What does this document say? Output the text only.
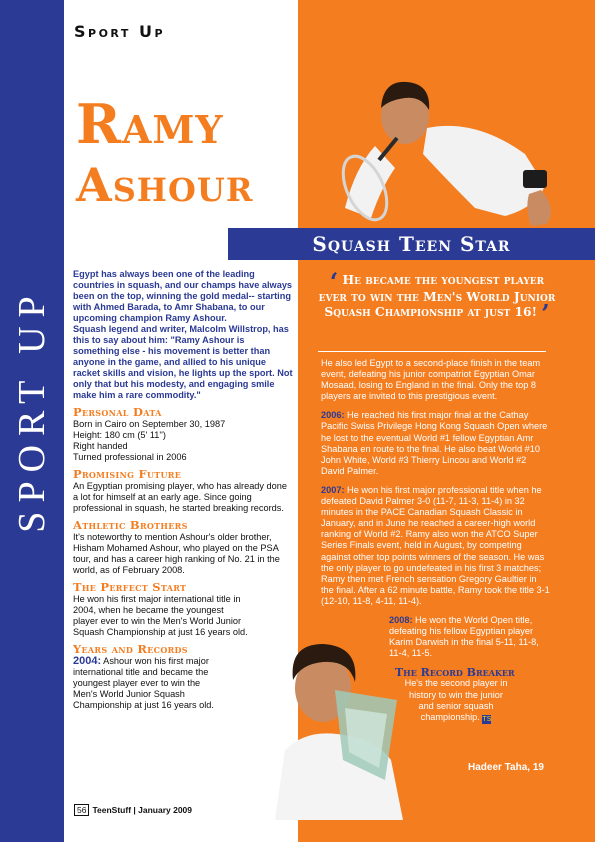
SPORT UP
Sport Up
Ramy
Ashour
Squash Teen Star

Egypt has always been one of the leading countries in squash, and our champs have always been on the top, winning the gold medal-- starting with Ahmed Barada, to Amr Shabana, to our upcoming champion Ramy Ashour.

Squash legend and writer, Malcolm Willstrop, has this to say about him: "Ramy Ashour is something else - his movement is better than anyone in the game, and allied to his unique racket skills and vision, he lights up the sport. Not only that but his modesty, and engaging smile make him a rare commodity."

Personal Data
Born in Cairo on September 30, 1987
Height: 180 cm (5' 11'')
Right handed
Turned professional in 2006
Promising Future
An Egyptian promising player, who has already done a lot for himself at an early age. Since going professional in squash, he started breaking records.
Athletic Brothers
It's noteworthy to mention Ashour's older brother, Hisham Mohamed Ashour, who played on the PSA tour, and has a career high ranking of No. 21 in the world, as of February 2008.
The Perfect Start
He won his first major international title in 2004, when he became the youngest player ever to win the Men's World Junior Squash Championship at just 16 years old.
Years and Records
2004: Ashour won his first major international title and became the youngest player ever to win the Men's World Junior Squash Championship at just 16 years old.
‘ He became the youngest player ever to win the Men's World Junior Squash Championship at just 16! ’

He also led Egypt to a second-place finish in the team event, defeating his junior compatriot Egyptian Omar Mosaad, losing to England in the final. Only the top 8 players are invited to this prestigious event.

2006: He reached his first major final at the Cathay Pacific Swiss Privilege Hong Kong Squash Open where he lost to the eventual World #1 fellow Egyptian Amr Shabana en route to the final. He also beat World #10 John White, World #3 Thierry Lincou and World #2 David Palmer.

2007: He won his first major professional title when he defeated David Palmer 3-0 (11-7, 11-3, 11-4) in 32 minutes in the PACE Canadian Squash Classic in January, and in June he reached a career-high world ranking of World #2. Ramy also won the ATCO Super Series Finals event, held in August, by competing against other top points winners of the season. He was the only player to go undefeated in his first 3 matches; Ramy then met French sensation Gregory Gaultier in the final. After a 62 minute battle, Ramy took the title 3-1 (12-10, 11-8, 4-11, 11-4).

2008: He won the World Open title, defeating his fellow Egyptian player Karim Darwish in the final 5-11, 11-8, 11-4, 11-5.

The Record Breaker
He's the second player in history to win the junior and senior squash championship. TS
Hadeer Taha, 19
56 TeenStuff | January 2009
